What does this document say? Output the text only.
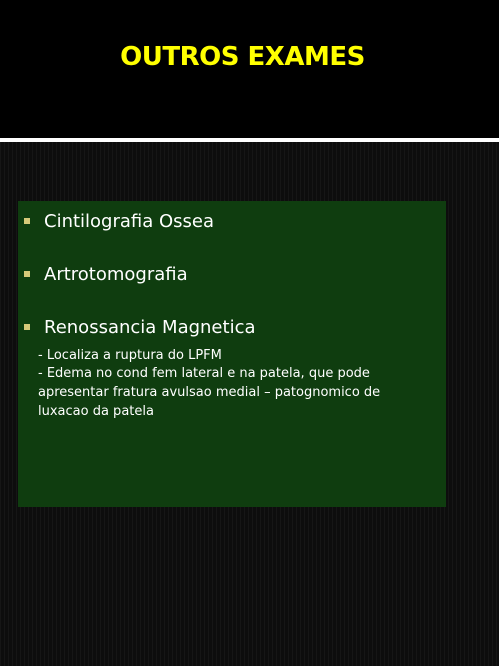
OUTROS EXAMES
Cintilografia Ossea
Artrotomografia
Renossancia Magnetica
- Localiza a ruptura do LPFM
- Edema no cond fem lateral e na patela, que pode apresentar fratura avulsao medial – patognomico de luxacao da patela
